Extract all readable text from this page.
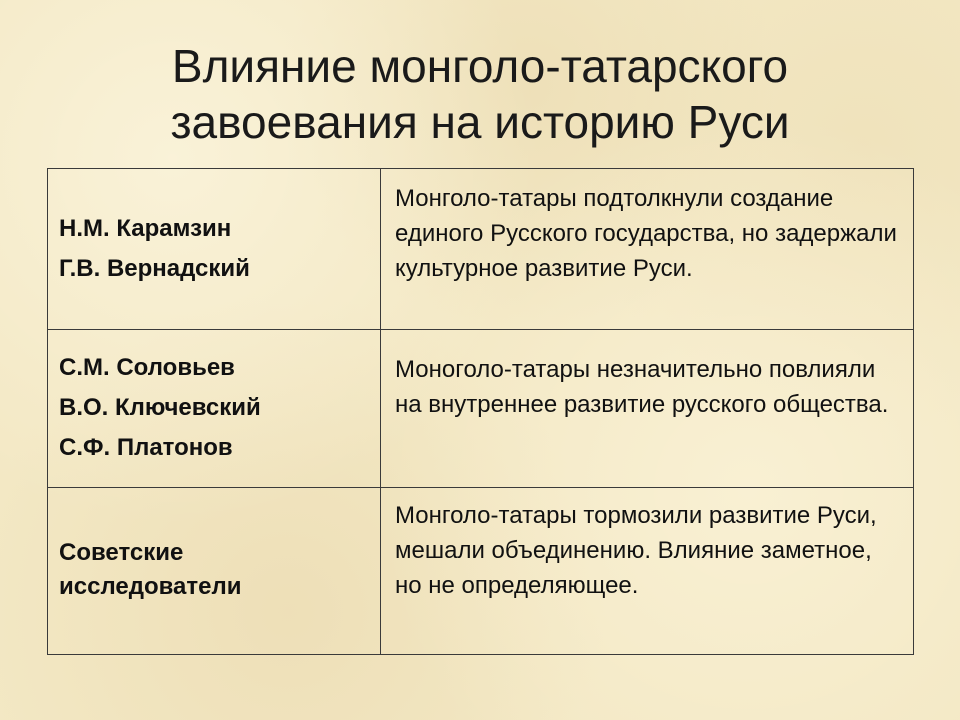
Влияние монголо-татарского
завоевания на историю Руси
Н.М. Карамзин
Г.В. Вернадский	Монголо-татары подтолкнули создание единого Русского государства, но задержали культурное развитие Руси.

С.М. Соловьев
В.О. Ключевский
С.Ф. Платонов	Моноголо-татары незначительно повлияли на внутреннее развитие русского общества.

Советские
исследователи	Монголо-татары тормозили развитие Руси, мешали объединению. Влияние заметное, но не определяющее.
